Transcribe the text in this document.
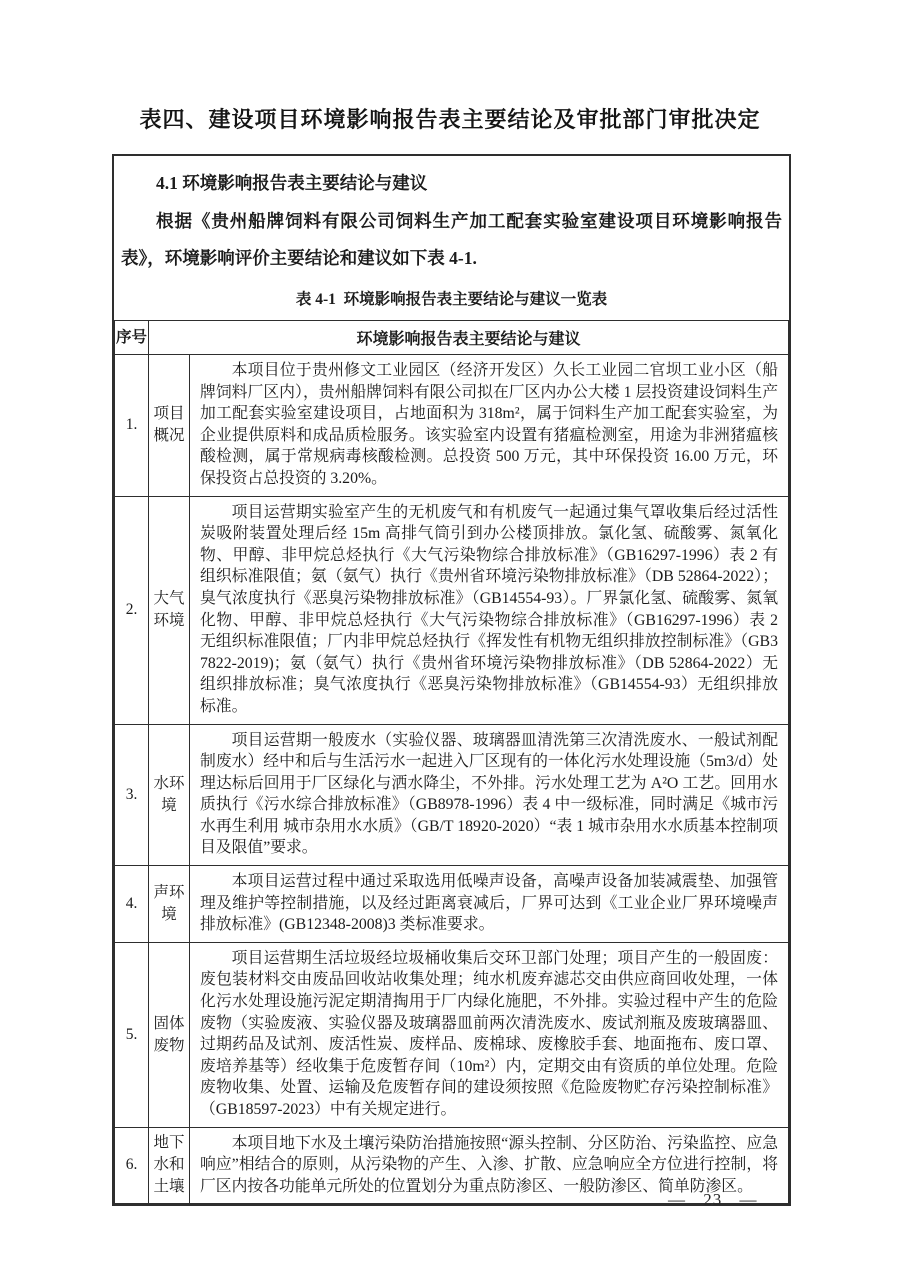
表四、建设项目环境影响报告表主要结论及审批部门审批决定

4.1 环境影响报告表主要结论与建议

根据《贵州船牌饲料有限公司饲料生产加工配套实验室建设项目环境影响报告表》，环境影响评价主要结论和建议如下表 4-1.

表 4-1  环境影响报告表主要结论与建议一览表

序号	环境影响报告表主要结论与建议	
1.	项目概况	本项目位于贵州修文工业园区（经济开发区）久长工业园二官坝工业小区（船牌饲料厂区内），贵州船牌饲料有限公司拟在厂区内办公大楼 1 层投资建设饲料生产加工配套实验室建设项目，占地面积为 318m²，属于饲料生产加工配套实验室，为企业提供原料和成品质检服务。该实验室内设置有猪瘟检测室，用途为非洲猪瘟核酸检测，属于常规病毒核酸检测。总投资 500 万元，其中环保投资 16.00 万元，环保投资占总投资的 3.20%。

2.	大气环境	项目运营期实验室产生的无机废气和有机废气一起通过集气罩收集后经过活性炭吸附装置处理后经 15m 高排气筒引到办公楼顶排放。氯化氢、硫酸雾、氮氧化物、甲醇、非甲烷总烃执行《大气污染物综合排放标准》（GB16297-1996）表 2 有组织标准限值；氨（氨气）执行《贵州省环境污染物排放标准》（DB 52864-2022）；臭气浓度执行《恶臭污染物排放标准》（GB14554-93）。厂界氯化氢、硫酸雾、氮氧化物、甲醇、非甲烷总烃执行《大气污染物综合排放标准》（GB16297-1996）表 2 无组织标准限值；厂内非甲烷总烃执行《挥发性有机物无组织排放控制标准》（GB37822-2019)；氨（氨气）执行《贵州省环境污染物排放标准》（DB 52864-2022）无组织排放标准；臭气浓度执行《恶臭污染物排放标准》（GB14554-93）无组织排放标准。

3.	水环境	项目运营期一般废水（实验仪器、玻璃器皿清洗第三次清洗废水、一般试剂配制废水）经中和后与生活污水一起进入厂区现有的一体化污水处理设施（5m3/d）处理达标后回用于厂区绿化与洒水降尘，不外排。污水处理工艺为 A²O 工艺。回用水质执行《污水综合排放标准》（GB8978-1996）表 4 中一级标准，同时满足《城市污水再生利用 城市杂用水水质》（GB/T 18920-2020）“表 1 城市杂用水水质基本控制项目及限值”要求。

4.	声环境	本项目运营过程中通过采取选用低噪声设备，高噪声设备加装减震垫、加强管理及维护等控制措施，以及经过距离衰减后，厂界可达到《工业企业厂界环境噪声排放标准》(GB12348-2008)3 类标准要求。

5.	固体废物	项目运营期生活垃圾经垃圾桶收集后交环卫部门处理；项目产生的一般固废：废包装材料交由废品回收站收集处理；纯水机废弃滤芯交由供应商回收处理，一体化污水处理设施污泥定期清掏用于厂内绿化施肥，不外排。实验过程中产生的危险废物（实验废液、实验仪器及玻璃器皿前两次清洗废水、废试剂瓶及废玻璃器皿、过期药品及试剂、废活性炭、废样品、废棉球、废橡胶手套、地面拖布、废口罩、废培养基等）经收集于危废暂存间（10m²）内，定期交由有资质的单位处理。危险废物收集、处置、运输及危废暂存间的建设须按照《危险废物贮存污染控制标准》（GB18597-2023）中有关规定进行。

6.	地下水和土壤	本项目地下水及土壤污染防治措施按照“源头控制、分区防治、污染监控、应急响应”相结合的原则，从污染物的产生、入渗、扩散、应急响应全方位进行控制，将厂区内按各功能单元所处的位置划分为重点防渗区、一般防渗区、简单防渗区。

— 23 —
